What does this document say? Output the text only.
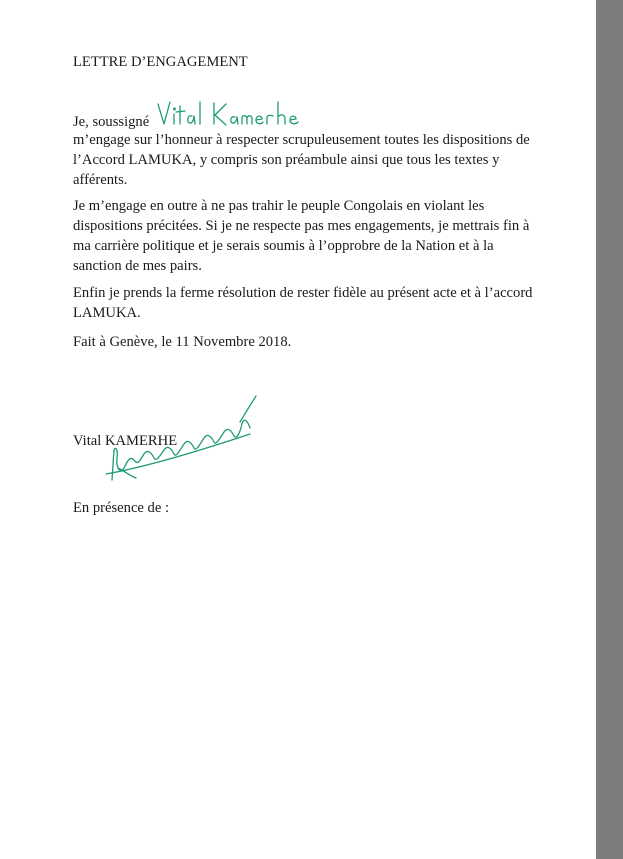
LETTRE D’ENGAGEMENT
Je, soussigné
m’engage sur l’honneur à respecter scrupuleusement toutes les dispositions de l’Accord LAMUKA, y compris son préambule ainsi que tous les textes y afférents.
Je m’engage en outre à ne pas trahir le peuple Congolais en violant les dispositions précitées. Si je ne respecte pas mes engagements, je mettrais fin à ma carrière politique et je serais soumis à l’opprobre de la Nation et à la sanction de mes pairs.
Enfin je prends la ferme résolution de rester fidèle au présent acte et à l’accord LAMUKA.
Fait à Genève, le 11 Novembre 2018.
Vital KAMERHE
En présence de :
